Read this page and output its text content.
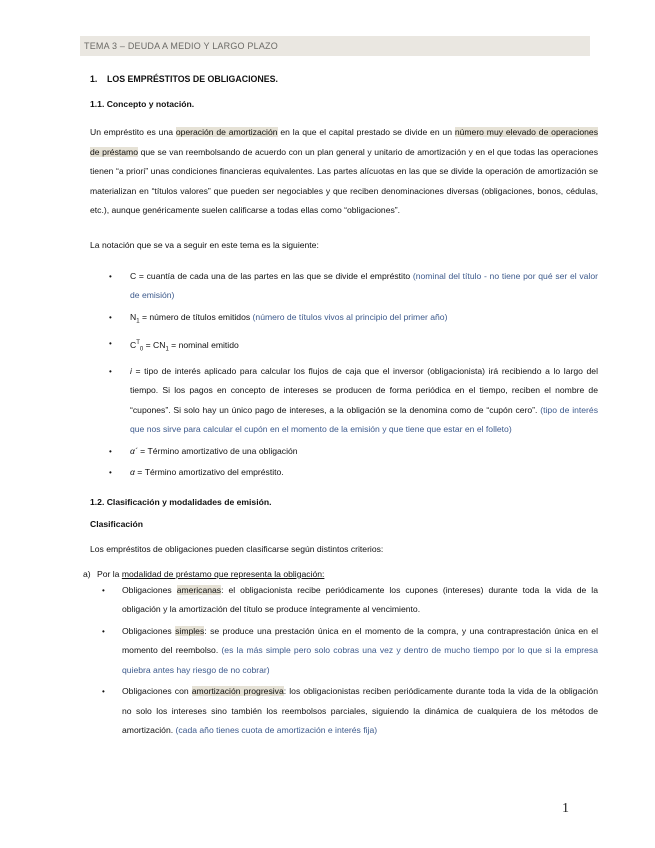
TEMA 3 – DEUDA A MEDIO Y LARGO PLAZO
1. LOS EMPRÉSTITOS DE OBLIGACIONES.
1.1. Concepto y notación.

Un empréstito es una operación de amortización en la que el capital prestado se divide en un número muy elevado de operaciones de préstamo que se van reembolsando de acuerdo con un plan general y unitario de amortización y en el que todas las operaciones tienen “a priori” unas condiciones financieras equivalentes. Las partes alícuotas en las que se divide la operación de amortización se materializan en “títulos valores” que pueden ser negociables y que reciben denominaciones diversas (obligaciones, bonos, cédulas, etc.), aunque genéricamente suelen calificarse a todas ellas como “obligaciones”.

La notación que se va a seguir en este tema es la siguiente:

• C = cuantía de cada una de las partes en las que se divide el empréstito (nominal del título - no tiene por qué ser el valor de emisión)
• $N_1$ = número de títulos emitidos (número de títulos vivos al principio del primer año)
• $C^T_0 = CN_1$ = nominal emitido
• i = tipo de interés aplicado para calcular los flujos de caja que el inversor (obligacionista) irá recibiendo a lo largo del tiempo. Si los pagos en concepto de intereses se producen de forma periódica en el tiempo, reciben el nombre de “cupones”. Si solo hay un único pago de intereses, a la obligación se la denomina como de “cupón cero”. (tipo de interés que nos sirve para calcular el cupón en el momento de la emisión y que tiene que estar en el folleto)
• α´ = Término amortizativo de una obligación
• α = Término amortizativo del empréstito.
1.2. Clasificación y modalidades de emisión.
Clasificación

Los empréstitos de obligaciones pueden clasificarse según distintos criterios:

a) Por la modalidad de préstamo que representa la obligación:
• Obligaciones americanas: el obligacionista recibe periódicamente los cupones (intereses) durante toda la vida de la obligación y la amortización del título se produce íntegramente al vencimiento.
• Obligaciones simples: se produce una prestación única en el momento de la compra, y una contraprestación única en el momento del reembolso. (es la más simple pero solo cobras una vez y dentro de mucho tiempo por lo que si la empresa quiebra antes hay riesgo de no cobrar)
• Obligaciones con amortización progresiva: los obligacionistas reciben periódicamente durante toda la vida de la obligación no solo los intereses sino también los reembolsos parciales, siguiendo la dinámica de cualquiera de los métodos de amortización. (cada año tienes cuota de amortización e interés fija)
1
